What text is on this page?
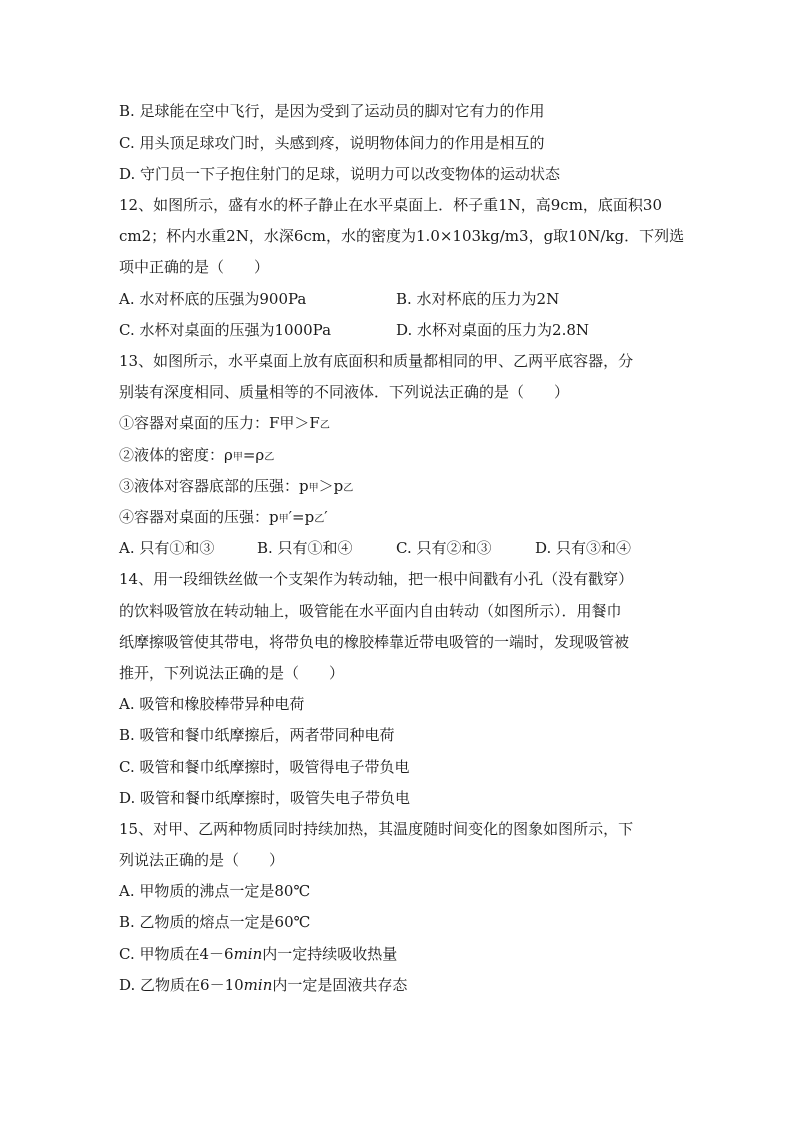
B. 足球能在空中飞行，是因为受到了运动员的脚对它有力的作用
C. 用头顶足球攻门时，头感到疼，说明物体间力的作用是相互的
D. 守门员一下子抱住射门的足球，说明力可以改变物体的运动状态
12、如图所示，盛有水的杯子静止在水平桌面上．杯子重1N，高9cm，底面积30
cm2；杯内水重2N，水深6cm，水的密度为1.0×103kg/m3，g取10N/kg．下列选
项中正确的是（　　）
A. 水对杯底的压强为900Pa	B. 水对杯底的压力为2N
C. 水杯对桌面的压强为1000Pa	D. 水杯对桌面的压力为2.8N
13、如图所示，水平桌面上放有底面积和质量都相同的甲、乙两平底容器，分
别装有深度相同、质量相等的不同液体．下列说法正确的是（　　）
①容器对桌面的压力：F甲＞F乙
②液体的密度：ρ甲=ρ乙
③液体对容器底部的压强：p甲＞p乙
④容器对桌面的压强：p甲′=p乙′
A. 只有①和③	B. 只有①和④	C. 只有②和③	D. 只有③和④
14、用一段细铁丝做一个支架作为转动轴，把一根中间戳有小孔（没有戳穿）
的饮料吸管放在转动轴上，吸管能在水平面内自由转动（如图所示）．用餐巾
纸摩擦吸管使其带电，将带负电的橡胶棒靠近带电吸管的一端时，发现吸管被
推开，下列说法正确的是（　　）
A. 吸管和橡胶棒带异种电荷
B. 吸管和餐巾纸摩擦后，两者带同种电荷
C. 吸管和餐巾纸摩擦时，吸管得电子带负电
D. 吸管和餐巾纸摩擦时，吸管失电子带负电
15、对甲、乙两种物质同时持续加热，其温度随时间变化的图象如图所示，下
列说法正确的是（　　）
A. 甲物质的沸点一定是80℃
B. 乙物质的熔点一定是60℃
C. 甲物质在4－6min内一定持续吸收热量
D. 乙物质在6－10min内一定是固液共存态
